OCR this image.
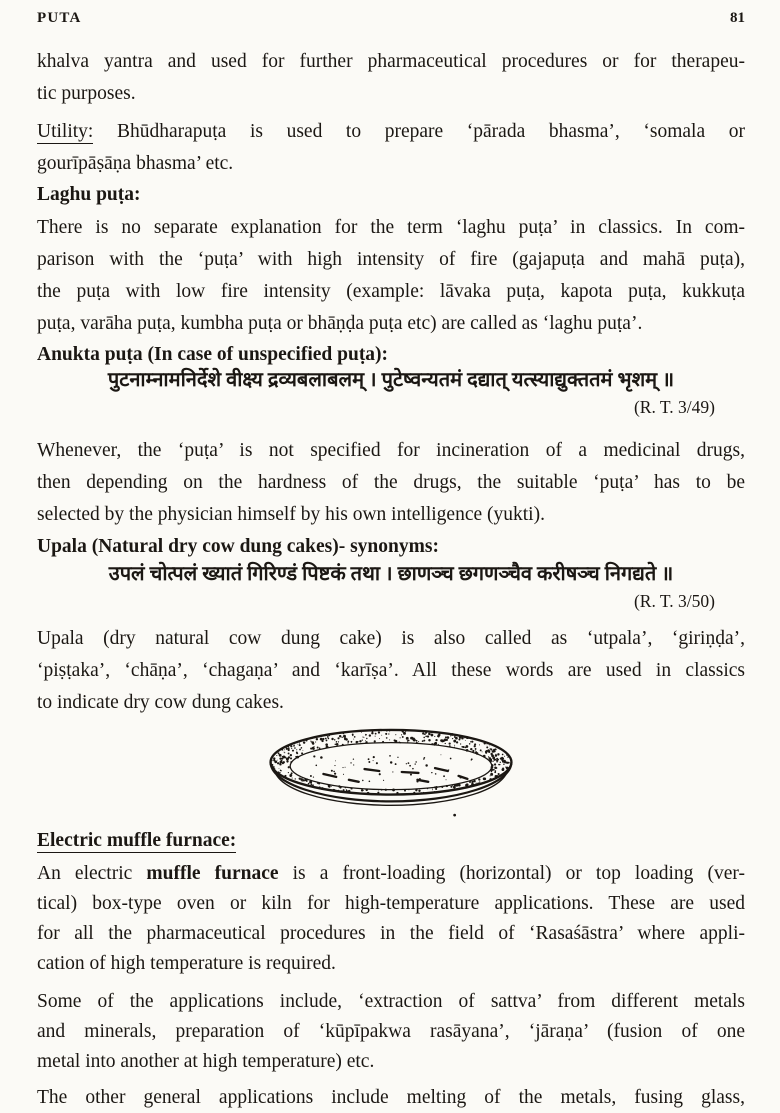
PUTA	81
khalva yantra and used for further pharmaceutical procedures or for therapeu-
tic purposes.
Utility: Bhūdharapuṭa is used to prepare ‘pārada bhasma’, ‘somala or
gourīpāṣāṇa bhasma’ etc.
Laghu puṭa:
There is no separate explanation for the term ‘laghu puṭa’ in classics. In com-
parison with the ‘puṭa’ with high intensity of fire (gajapuṭa and mahā puṭa),
the puṭa with low fire intensity (example: lāvaka puṭa, kapota puṭa, kukkuṭa
puṭa, varāha puṭa, kumbha puṭa or bhāṇḍa puṭa etc) are called as ‘laghu puṭa’.
Anukta puṭa (In case of unspecified puṭa):
पुटनाम्नामनिर्देशे वीक्ष्य द्रव्यबलाबलम् । पुटेष्वन्यतमं दद्यात् यत्स्याद्युक्ततमं भृशम् ॥
(R. T. 3/49)
Whenever, the ‘puṭa’ is not specified for incineration of a medicinal drugs,
then depending on the hardness of the drugs, the suitable ‘puṭa’ has to be
selected by the physician himself by his own intelligence (yukti).
Upala (Natural dry cow dung cakes)- synonyms:
उपलं चोत्पलं ख्यातं गिरिण्डं पिष्टकं तथा । छाणञ्च छगणञ्चैव करीषञ्च निगद्यते ॥
(R. T. 3/50)
Upala (dry natural cow dung cake) is also called as ‘utpala’, ‘giriṇḍa’,
‘piṣṭaka’, ‘chāṇa’, ‘chagaṇa’ and ‘karīṣa’. All these words are used in classics
to indicate dry cow dung cakes.
Electric muffle furnace:
An electric muffle furnace is a front-loading (horizontal) or top loading (ver-
tical) box-type oven or kiln for high-temperature applications. These are used
for all the pharmaceutical procedures in the field of ‘Rasaśāstra’ where appli-
cation of high temperature is required.
Some of the applications include, ‘extraction of sattva’ from different metals
and minerals, preparation of ‘kūpīpakwa rasāyana’, ‘jāraṇa’ (fusion of one
metal into another at high temperature) etc.
The other general applications include melting of the metals, fusing glass,
